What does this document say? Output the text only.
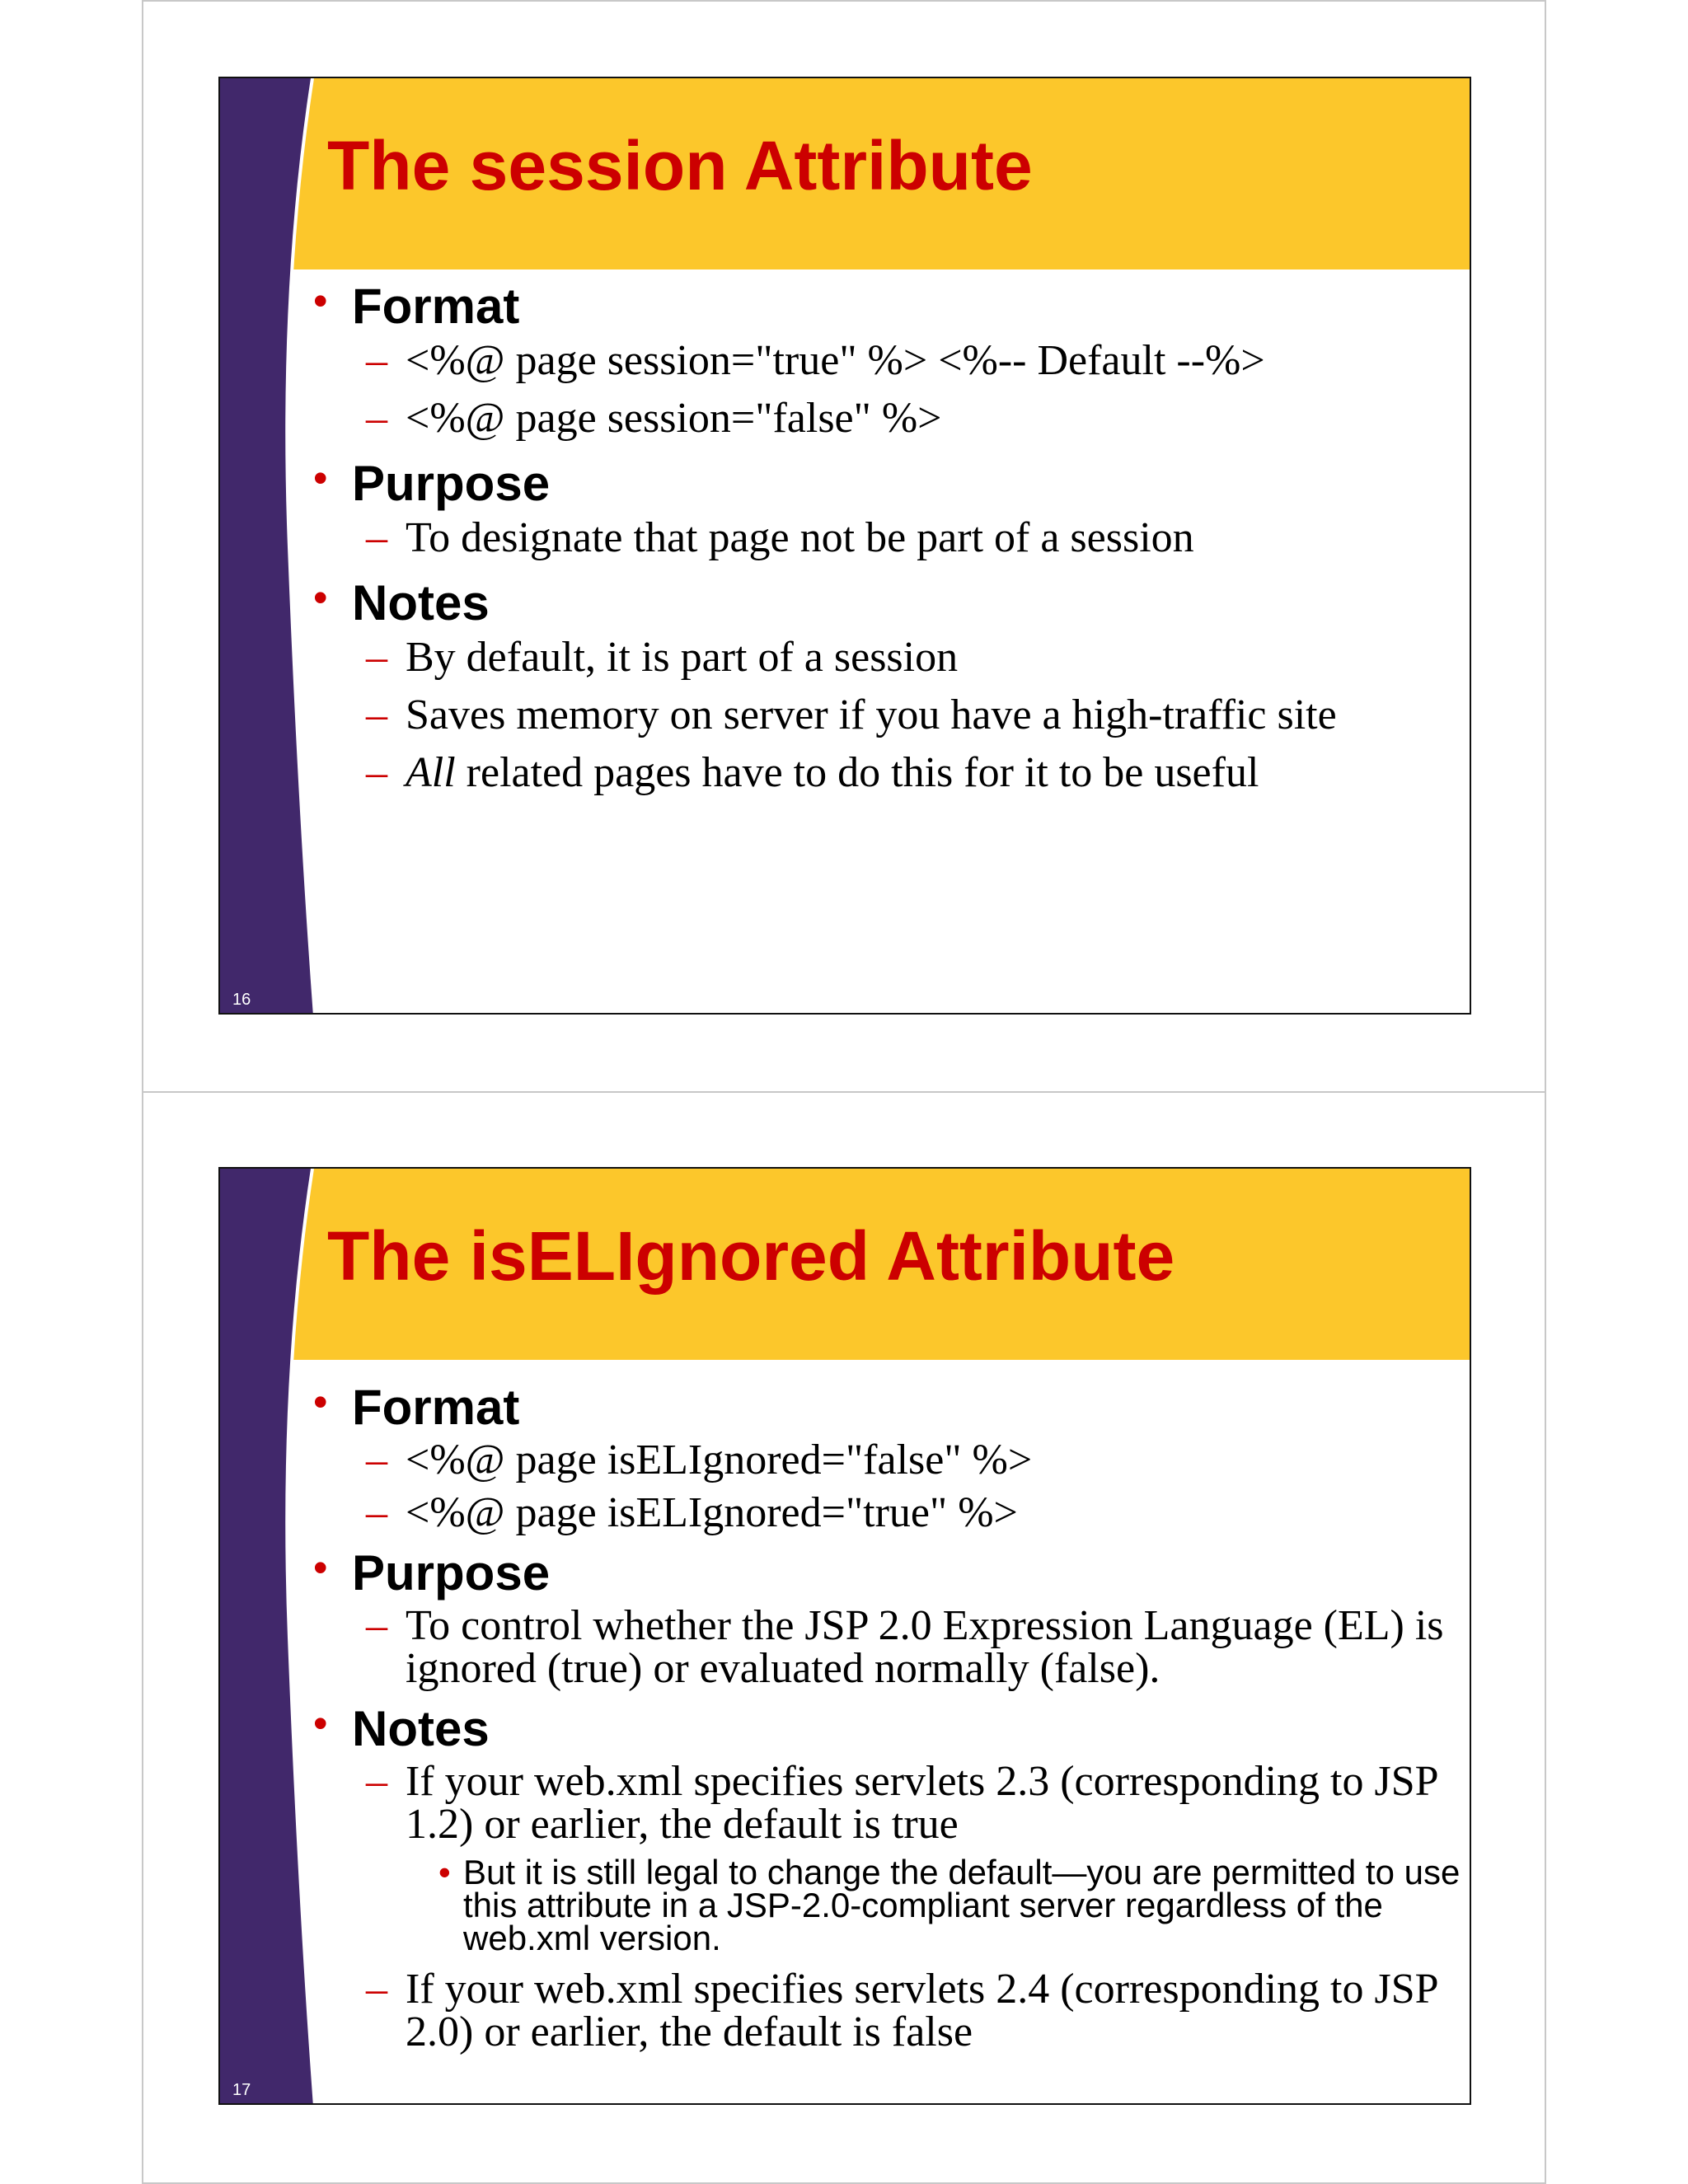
The session Attribute
• Format
– <%@ page session="true" %> <%-- Default --%>
– <%@ page session="false" %>
• Purpose
– To designate that page not be part of a session
• Notes
– By default, it is part of a session
– Saves memory on server if you have a high-traffic site
– All related pages have to do this for it to be useful
16
The isELIgnored Attribute
• Format
– <%@ page isELIgnored="false" %>
– <%@ page isELIgnored="true" %>
• Purpose
– To control whether the JSP 2.0 Expression Language (EL) is ignored (true) or evaluated normally (false).
• Notes
– If your web.xml specifies servlets 2.3 (corresponding to JSP 1.2) or earlier, the default is true
• But it is still legal to change the default—you are permitted to use this attribute in a JSP-2.0-compliant server regardless of the web.xml version.
– If your web.xml specifies servlets 2.4 (corresponding to JSP 2.0) or earlier, the default is false
17
